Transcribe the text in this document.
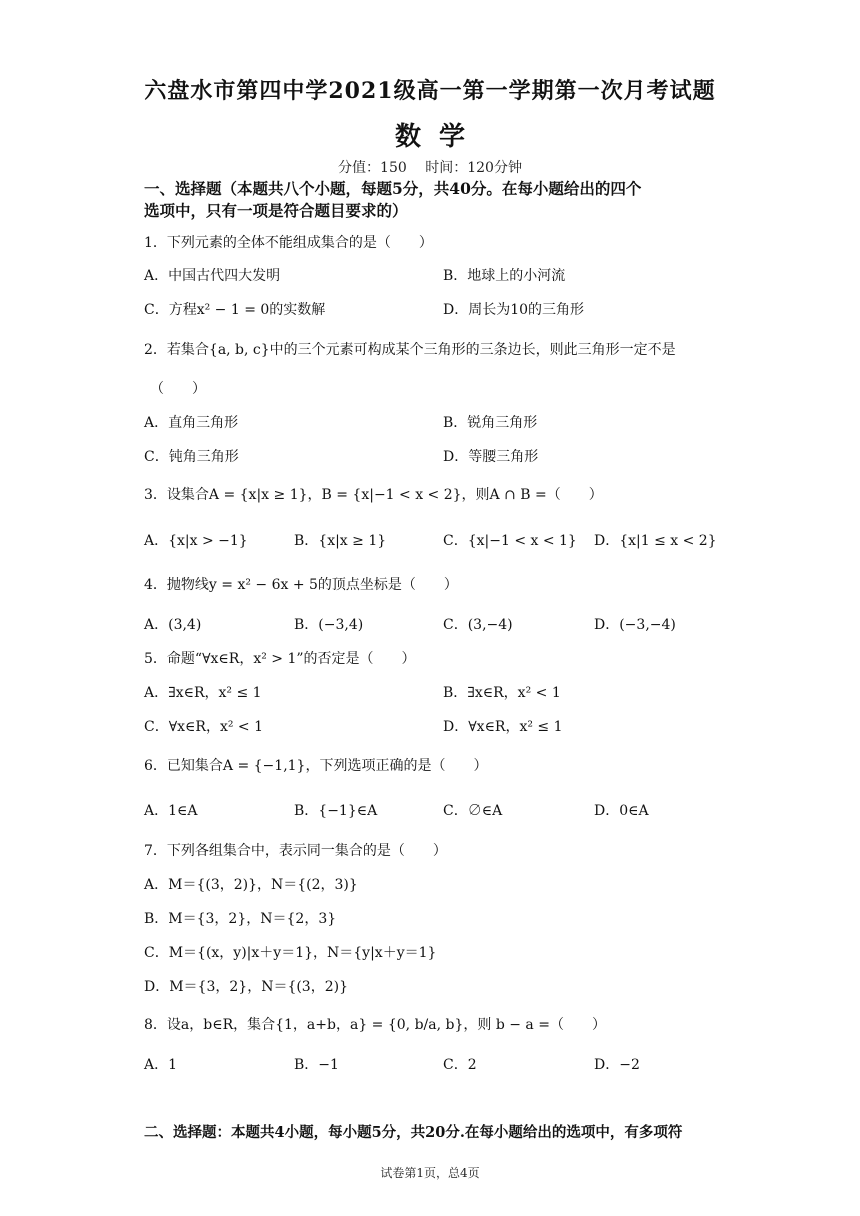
六盘水市第四中学2021级高一第一学期第一次月考试题
数学
分值：150　 时间：120分钟
一、选择题（本题共八个小题，每题5分，共40分。在每小题给出的四个
选项中，只有一项是符合题目要求的）
1．下列元素的全体不能组成集合的是（　　）
A．中国古代四大发明	B．地球上的小河流
C．方程x² − 1 = 0的实数解	D．周长为10的三角形
2．若集合{a, b, c}中的三个元素可构成某个三角形的三条边长，则此三角形一定不是
（　　）
A．直角三角形	B．锐角三角形
C．钝角三角形	D．等腰三角形
3．设集合A = {x|x ≥ 1}，B = {x|−1 < x < 2}，则A ∩ B =（　　）
A．{x|x > −1}	B．{x|x ≥ 1}	C．{x|−1 < x < 1} D．{x|1 ≤ x < 2}
4．抛物线y = x² − 6x + 5的顶点坐标是（　　）
A．(3,4)	B．(−3,4)	C．(3,−4)	D．(−3,−4)
5．命题“∀x∈R，x² > 1”的否定是（　　）
A．∃x∈R，x² ≤ 1	B．∃x∈R，x² < 1
C．∀x∈R，x² < 1	D．∀x∈R，x² ≤ 1
6．已知集合A = {−1,1}，下列选项正确的是（　　）
A．1∈A	B．{−1}∈A	C．∅∈A	D．0∈A
7．下列各组集合中，表示同一集合的是（　　）
A．M＝{(3，2)}，N＝{(2，3)}
B．M＝{3，2}，N＝{2，3}
C．M＝{(x，y)|x＋y＝1}，N＝{y|x＋y＝1}
D．M＝{3，2}，N＝{(3，2)}
8．设a，b∈R，集合{1，a+b，a} = {0, b/a, b}，则 b − a =（　　）
A．1	B．−1	C．2	D．−2
二、选择题：本题共4小题，每小题5分，共20分.在每小题给出的选项中，有多项符
试卷第1页，总4页
